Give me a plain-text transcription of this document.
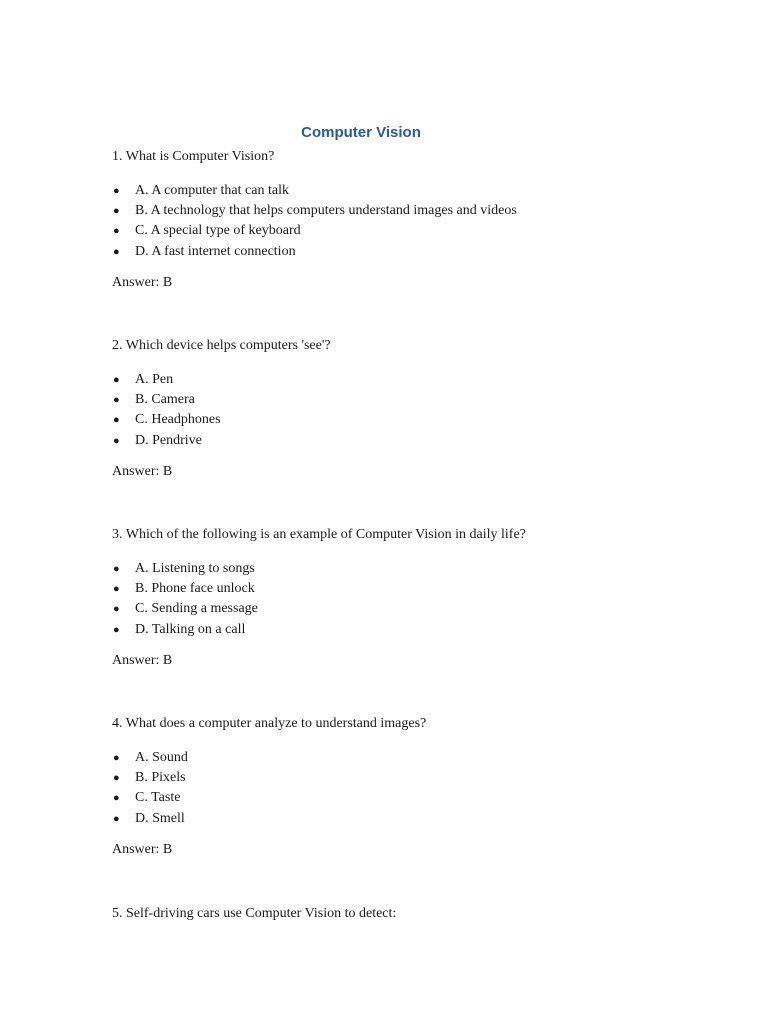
Computer Vision

1. What is Computer Vision?

● A. A computer that can talk
● B. A technology that helps computers understand images and videos
● C. A special type of keyboard
● D. A fast internet connection

Answer: B

2. Which device helps computers 'see'?

● A. Pen
● B. Camera
● C. Headphones
● D. Pendrive

Answer: B

3. Which of the following is an example of Computer Vision in daily life?

● A. Listening to songs
● B. Phone face unlock
● C. Sending a message
● D. Talking on a call

Answer: B

4. What does a computer analyze to understand images?

● A. Sound
● B. Pixels
● C. Taste
● D. Smell

Answer: B

5. Self-driving cars use Computer Vision to detect:
